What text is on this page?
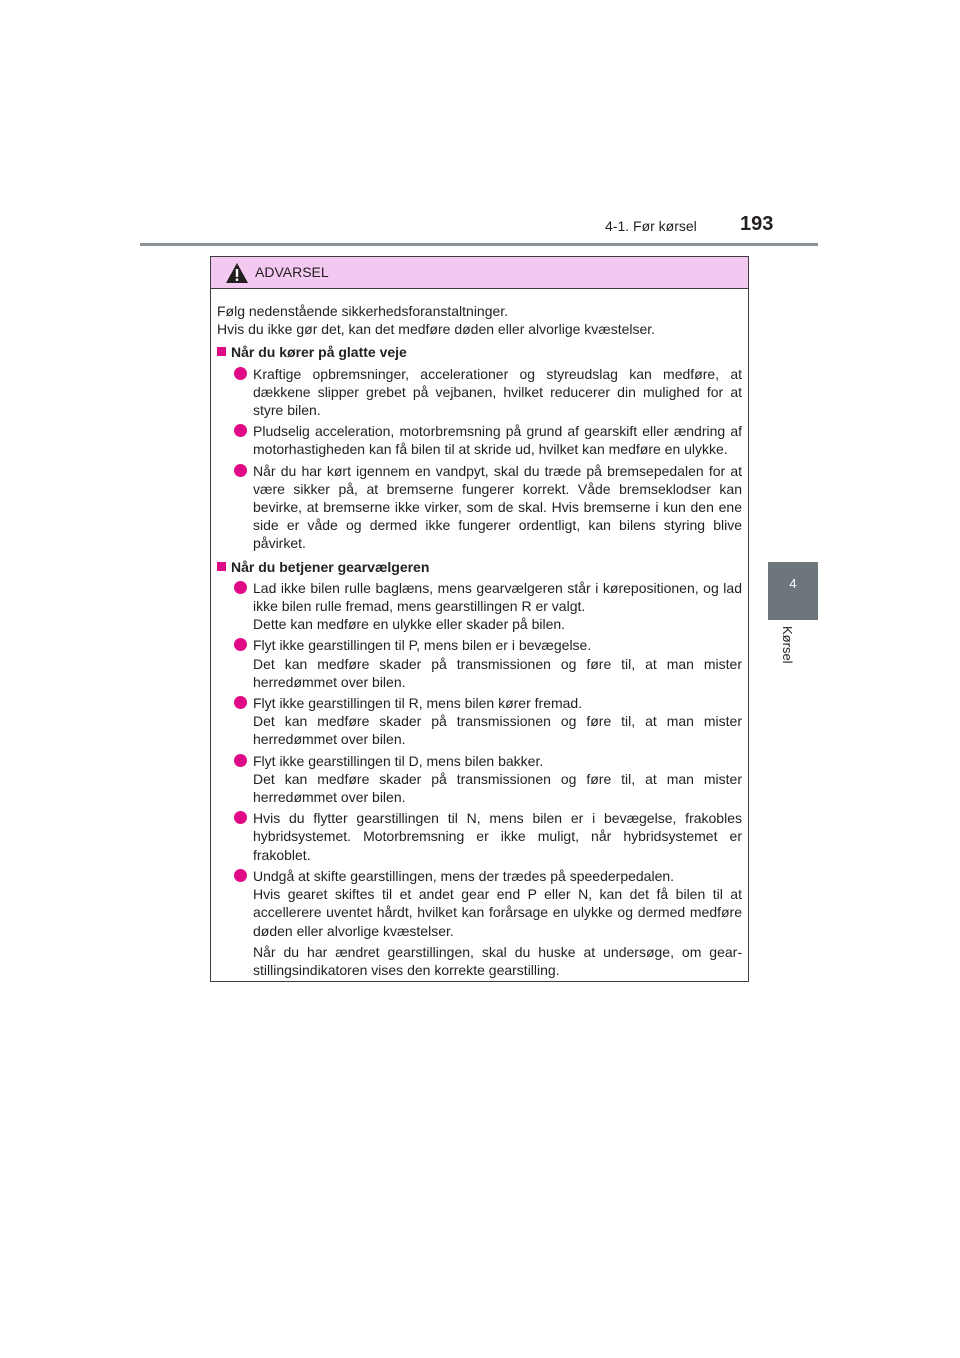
4-1. Før kørsel 193
4
Kørsel
ADVARSEL

Følg nedenstående sikkerhedsforanstaltninger.
Hvis du ikke gør det, kan det medføre døden eller alvorlige kvæstelser.

Når du kører på glatte veje
Kraftige opbremsninger, accelerationer og styreudslag kan medføre, at dækkene slipper grebet på vejbanen, hvilket reducerer din mulighed for at styre bilen.
Pludselig acceleration, motorbremsning på grund af gearskift eller ændring af motorhastigheden kan få bilen til at skride ud, hvilket kan medføre en ulykke.
Når du har kørt igennem en vandpyt, skal du træde på bremsepedalen for at være sikker på, at bremserne fungerer korrekt. Våde bremseklodser kan bevirke, at bremserne ikke virker, som de skal. Hvis bremserne i kun den ene side er våde og dermed ikke fungerer ordentligt, kan bilens styring blive påvirket.
Når du betjener gearvælgeren
Lad ikke bilen rulle baglæns, mens gearvælgeren står i kørepositionen, og lad ikke bilen rulle fremad, mens gearstillingen R er valgt.
Dette kan medføre en ulykke eller skader på bilen.
Flyt ikke gearstillingen til P, mens bilen er i bevægelse.
Det kan medføre skader på transmissionen og føre til, at man mister herredømmet over bilen.
Flyt ikke gearstillingen til R, mens bilen kører fremad.
Det kan medføre skader på transmissionen og føre til, at man mister herredømmet over bilen.
Flyt ikke gearstillingen til D, mens bilen bakker.
Det kan medføre skader på transmissionen og føre til, at man mister herredømmet over bilen.
Hvis du flytter gearstillingen til N, mens bilen er i bevægelse, frakobles hybridsystemet. Motorbremsning er ikke muligt, når hybridsystemet er frakoblet.
Undgå at skifte gearstillingen, mens der trædes på speederpedalen.
Hvis gearet skiftes til et andet gear end P eller N, kan det få bilen til at accellerere uventet hårdt, hvilket kan forårsage en ulykke og dermed medføre døden eller alvorlige kvæstelser.
Når du har ændret gearstillingen, skal du huske at undersøge, om gear-stillingsindikatoren vises den korrekte gearstilling.
